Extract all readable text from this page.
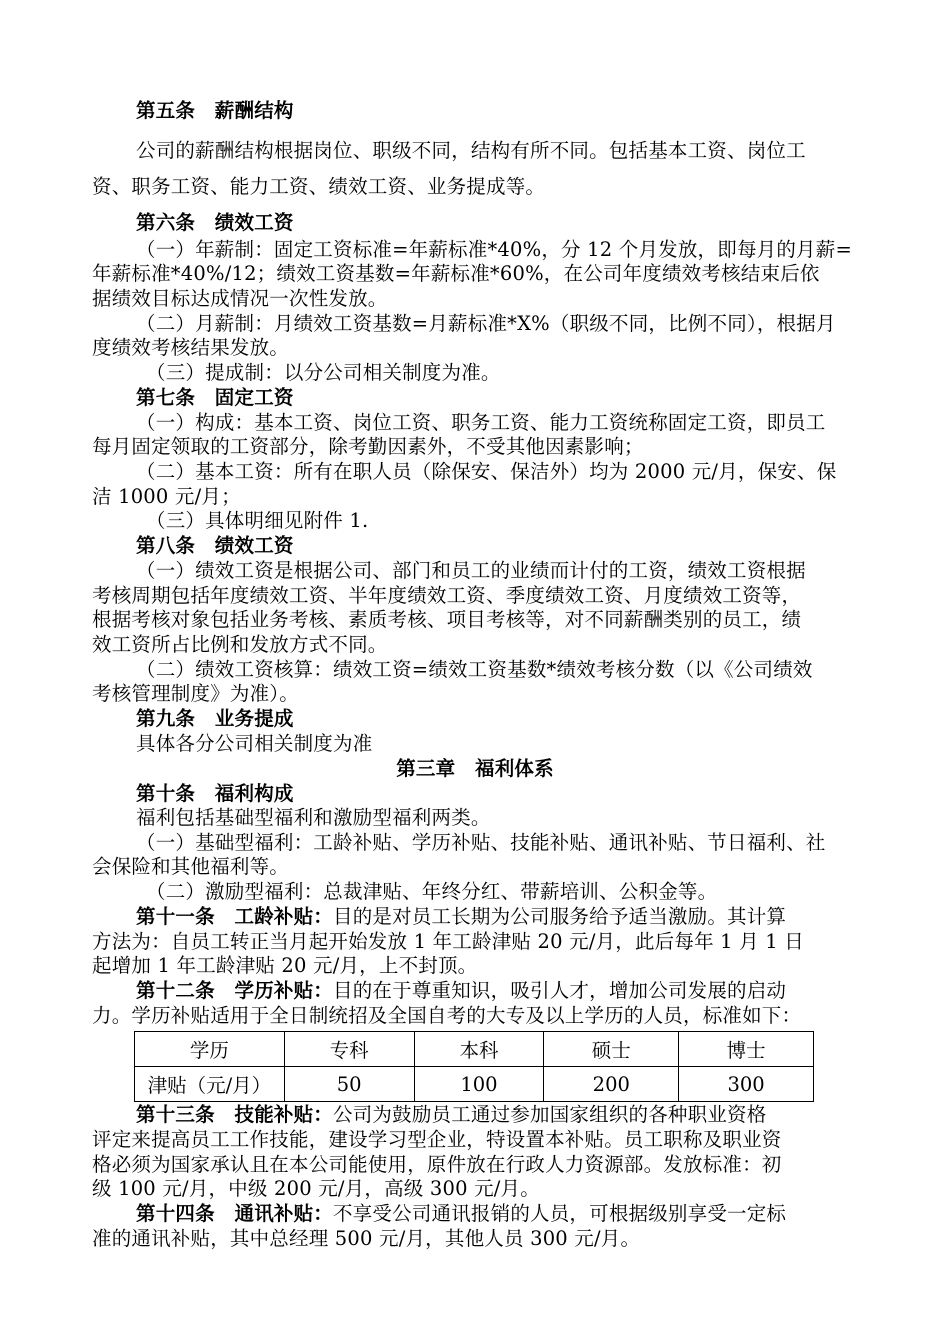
第五条　薪酬结构
公司的薪酬结构根据岗位、职级不同，结构有所不同。包括基本工资、岗位工
资、职务工资、能力工资、绩效工资、业务提成等。
第六条　绩效工资
（一）年薪制：固定工资标准=年薪标准*40%，分 12 个月发放，即每月的月薪=
年薪标准*40%/12；绩效工资基数=年薪标准*60%，在公司年度绩效考核结束后依
据绩效目标达成情况一次性发放。
（二）月薪制：月绩效工资基数=月薪标准*X%（职级不同，比例不同），根据月
度绩效考核结果发放。
（三）提成制：以分公司相关制度为准。
第七条　固定工资
（一）构成：基本工资、岗位工资、职务工资、能力工资统称固定工资，即员工
每月固定领取的工资部分，除考勤因素外，不受其他因素影响；
（二）基本工资：所有在职人员（除保安、保洁外）均为 2000 元/月，保安、保
洁 1000 元/月；
（三）具体明细见附件 1.
第八条　绩效工资
（一）绩效工资是根据公司、部门和员工的业绩而计付的工资，绩效工资根据
考核周期包括年度绩效工资、半年度绩效工资、季度绩效工资、月度绩效工资等，
根据考核对象包括业务考核、素质考核、项目考核等，对不同薪酬类别的员工，绩
效工资所占比例和发放方式不同。
（二）绩效工资核算：绩效工资=绩效工资基数*绩效考核分数（以《公司绩效
考核管理制度》为准）。
第九条　业务提成
具体各分公司相关制度为准
第三章　福利体系
第十条　福利构成
福利包括基础型福利和激励型福利两类。
（一）基础型福利：工龄补贴、学历补贴、技能补贴、通讯补贴、节日福利、社
会保险和其他福利等。
（二）激励型福利：总裁津贴、年终分红、带薪培训、公积金等。
第十一条　工龄补贴：目的是对员工长期为公司服务给予适当激励。其计算
方法为：自员工转正当月起开始发放 1 年工龄津贴 20 元/月，此后每年 1 月 1 日
起增加 1 年工龄津贴 20 元/月，上不封顶。
第十二条　学历补贴：目的在于尊重知识，吸引人才，增加公司发展的启动
力。学历补贴适用于全日制统招及全国自考的大专及以上学历的人员，标准如下：
学历	专科	本科	硕士	博士
津贴（元/月）	50	100	200	300
第十三条　技能补贴：公司为鼓励员工通过参加国家组织的各种职业资格
评定来提高员工工作技能，建设学习型企业，特设置本补贴。员工职称及职业资
格必须为国家承认且在本公司能使用，原件放在行政人力资源部。发放标准：初
级 100 元/月，中级 200 元/月，高级 300 元/月。
第十四条　通讯补贴：不享受公司通讯报销的人员，可根据级别享受一定标
准的通讯补贴，其中总经理 500 元/月，其他人员 300 元/月。
